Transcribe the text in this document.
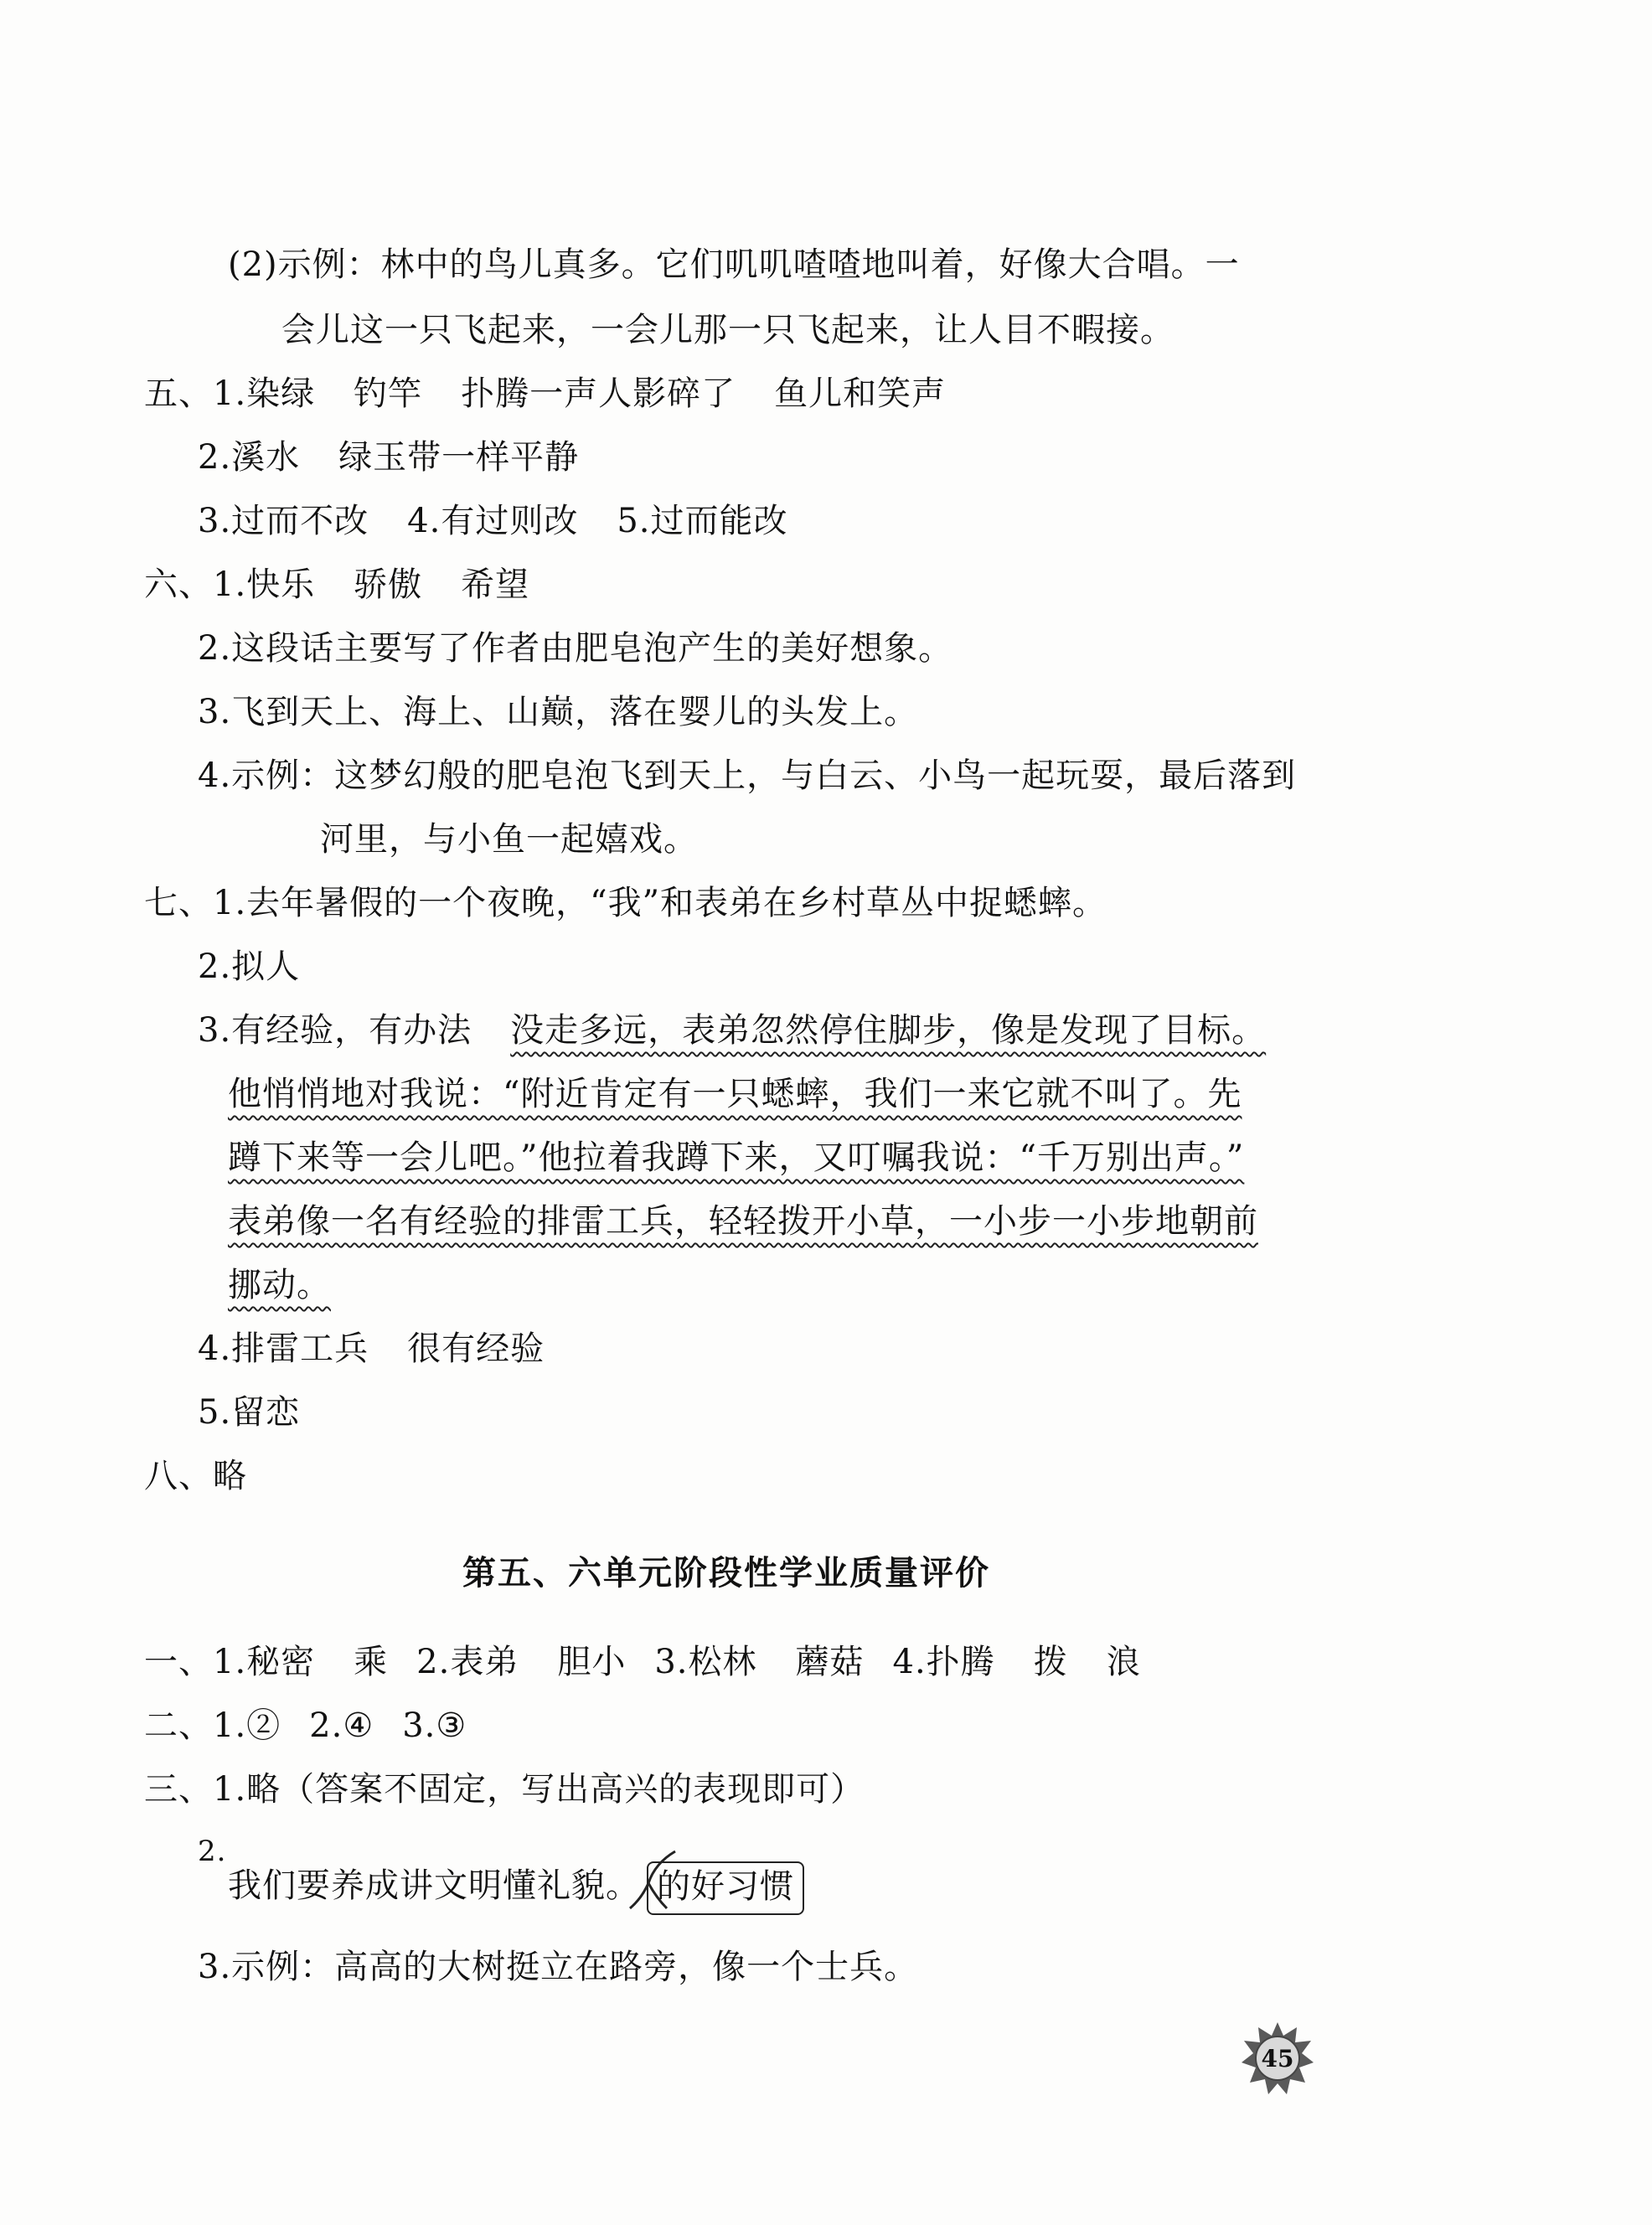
(2)示例：林中的鸟儿真多。它们叽叽喳喳地叫着，好像大合唱。一
会儿这一只飞起来，一会儿那一只飞起来，让人目不暇接。
五、1.染绿 钓竿 扑腾一声人影碎了 鱼儿和笑声
2.溪水 绿玉带一样平静
3.过而不改 4.有过则改 5.过而能改
六、1.快乐 骄傲 希望
2.这段话主要写了作者由肥皂泡产生的美好想象。
3.飞到天上、海上、山巅，落在婴儿的头发上。
4.示例：这梦幻般的肥皂泡飞到天上，与白云、小鸟一起玩耍，最后落到
河里，与小鱼一起嬉戏。
七、1.去年暑假的一个夜晚，“我”和表弟在乡村草丛中捉蟋蟀。
2.拟人
3.有经验，有办法 没走多远，表弟忽然停住脚步，像是发现了目标。
他悄悄地对我说：“附近肯定有一只蟋蟀，我们一来它就不叫了。先
蹲下来等一会儿吧。”他拉着我蹲下来，又叮嘱我说：“千万别出声。”
表弟像一名有经验的排雷工兵，轻轻拨开小草，一小步一小步地朝前
挪动。
4.排雷工兵 很有经验
5.留恋
八、略
第五、六单元阶段性学业质量评价
一、1.秘密 乘 2.表弟 胆小 3.松林 蘑菇 4.扑腾 拨 浪
二、1.② 2.④ 3.③
三、1.略（答案不固定，写出高兴的表现即可）
2.
我们要养成讲文明懂礼貌。 的好习惯
3.示例：高高的大树挺立在路旁，像一个士兵。
45
